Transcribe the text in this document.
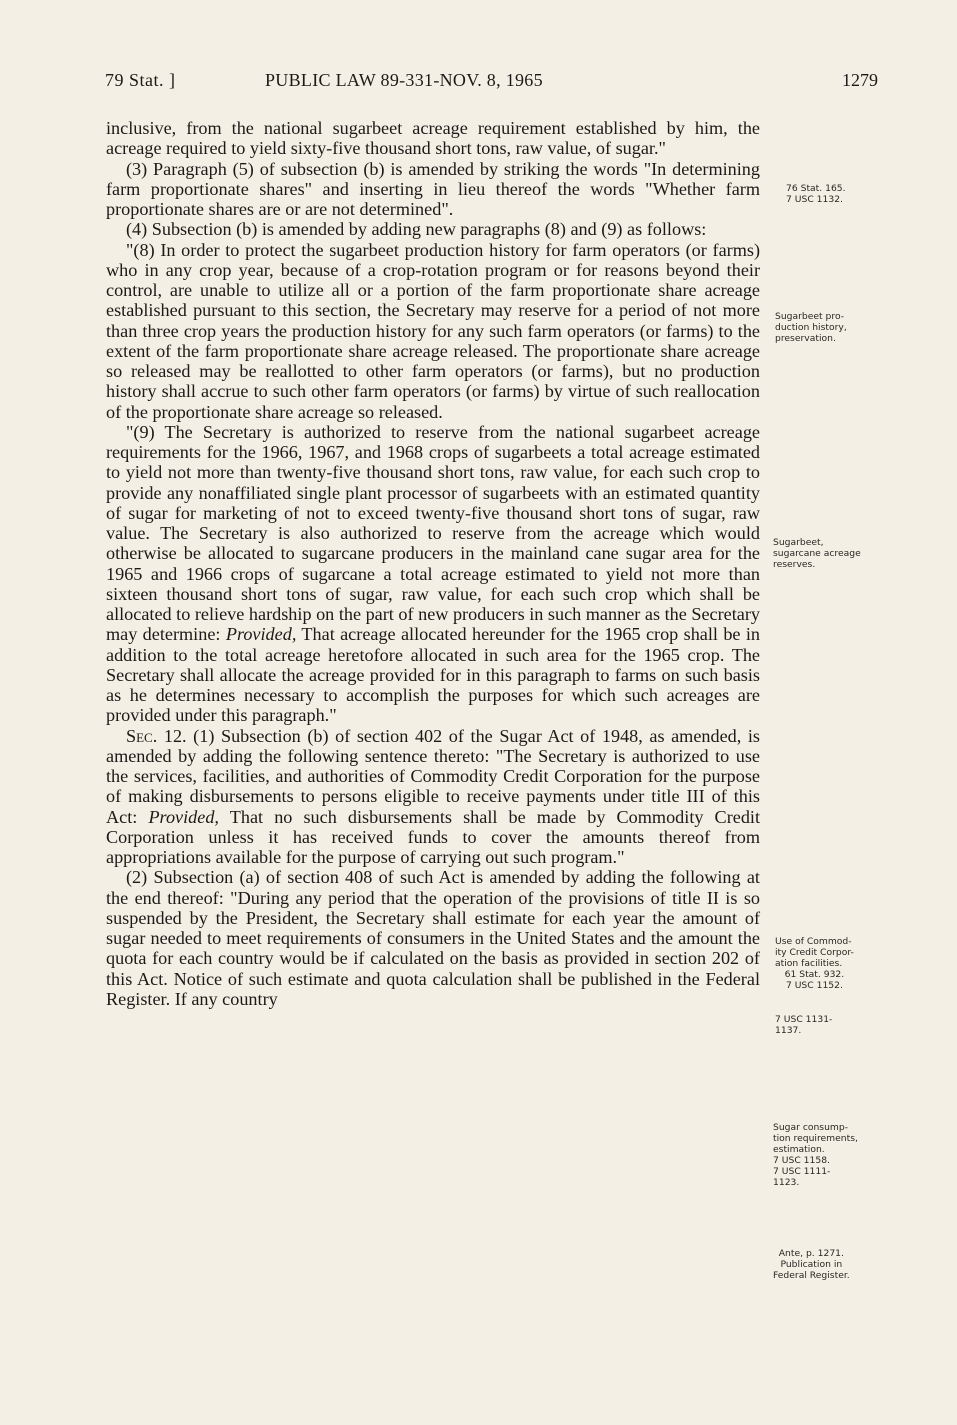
79 Stat. ]	PUBLIC LAW 89-331-NOV. 8, 1965	1279

inclusive, from the national sugarbeet acreage requirement established by him, the acreage required to yield sixty-five thousand short tons, raw value, of sugar."

(3) Paragraph (5) of subsection (b) is amended by striking the words "In determining farm proportionate shares" and inserting in lieu thereof the words "Whether farm proportionate shares are or are not determined".

(4) Subsection (b) is amended by adding new paragraphs (8) and (9) as follows:

"(8) In order to protect the sugarbeet production history for farm operators (or farms) who in any crop year, because of a crop-rotation program or for reasons beyond their control, are unable to utilize all or a portion of the farm proportionate share acreage established pursuant to this section, the Secretary may reserve for a period of not more than three crop years the production history for any such farm operators (or farms) to the extent of the farm proportionate share acreage released. The proportionate share acreage so released may be reallotted to other farm operators (or farms), but no production history shall accrue to such other farm operators (or farms) by virtue of such reallocation of the proportionate share acreage so released.

"(9) The Secretary is authorized to reserve from the national sugarbeet acreage requirements for the 1966, 1967, and 1968 crops of sugarbeets a total acreage estimated to yield not more than twenty-five thousand short tons, raw value, for each such crop to provide any nonaffiliated single plant processor of sugarbeets with an estimated quantity of sugar for marketing of not to exceed twenty-five thousand short tons of sugar, raw value. The Secretary is also authorized to reserve from the acreage which would otherwise be allocated to sugarcane producers in the mainland cane sugar area for the 1965 and 1966 crops of sugarcane a total acreage estimated to yield not more than sixteen thousand short tons of sugar, raw value, for each such crop which shall be allocated to relieve hardship on the part of new producers in such manner as the Secretary may determine: Provided, That acreage allocated hereunder for the 1965 crop shall be in addition to the total acreage heretofore allocated in such area for the 1965 crop. The Secretary shall allocate the acreage provided for in this paragraph to farms on such basis as he determines necessary to accomplish the purposes for which such acreages are provided under this paragraph."

Sec. 12. (1) Subsection (b) of section 402 of the Sugar Act of 1948, as amended, is amended by adding the following sentence thereto: "The Secretary is authorized to use the services, facilities, and authorities of Commodity Credit Corporation for the purpose of making disbursements to persons eligible to receive payments under title III of this Act: Provided, That no such disbursements shall be made by Commodity Credit Corporation unless it has received funds to cover the amounts thereof from appropriations available for the purpose of carrying out such program."

(2) Subsection (a) of section 408 of such Act is amended by adding the following at the end thereof: "During any period that the operation of the provisions of title II is so suspended by the President, the Secretary shall estimate for each year the amount of sugar needed to meet requirements of consumers in the United States and the amount the quota for each country would be if calculated on the basis as provided in section 202 of this Act. Notice of such estimate and quota calculation shall be published in the Federal Register. If any country

76 Stat. 165.
7 USC 1132.
Sugarbeet pro-
duction history,
preservation.
Sugarbeet,
sugarcane acreage
reserves.
Use of Commod-
ity Credit Corpor-
ation facilities.
61 Stat. 932.
7 USC 1152.
7 USC 1131-
1137.
Sugar consump-
tion requirements,
estimation.
7 USC 1158.
7 USC 1111-
1123.
Ante, p. 1271.
Publication in
Federal Register.
